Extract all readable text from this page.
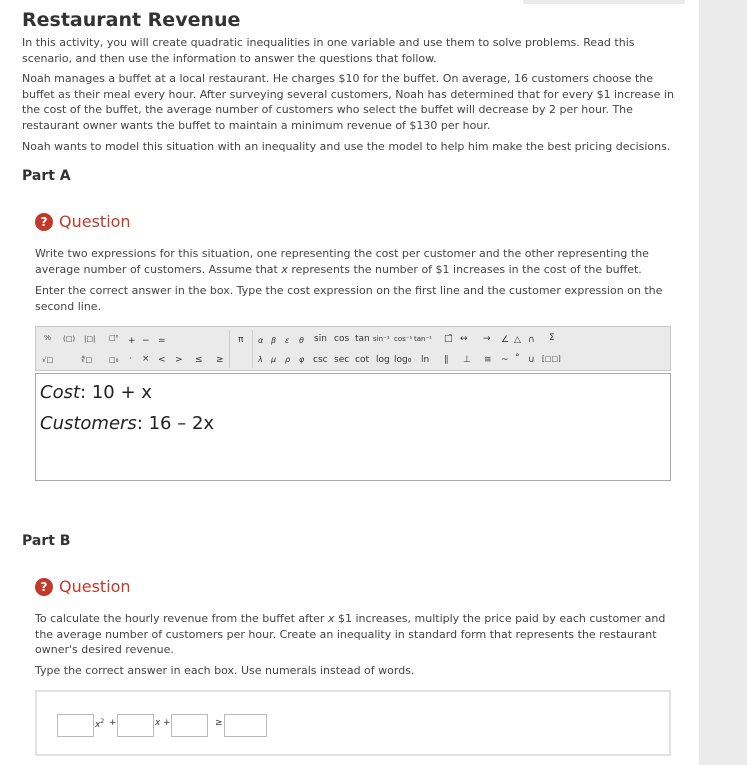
Restaurant Revenue

In this activity, you will create quadratic inequalities in one variable and use them to solve problems. Read this scenario, and then use the information to answer the questions that follow.

Noah manages a buffet at a local restaurant. He charges $10 for the buffet. On average, 16 customers choose the buffet as their meal every hour. After surveying several customers, Noah has determined that for every $1 increase in the cost of the buffet, the average number of customers who select the buffet will decrease by 2 per hour. The restaurant owner wants the buffet to maintain a minimum revenue of $130 per hour.

Noah wants to model this situation with an inequality and use the model to help him make the best pricing decisions.

Part A
? Question

Write two expressions for this situation, one representing the cost per customer and the other representing the average number of customers. Assume that x represents the number of $1 increases in the cost of the buffet.

Enter the correct answer in the box. Type the cost expression on the first line and the customer expression on the second line.

⁰⁄₀ (□) |□| □⁰ + − =	π α β ε θ sin cos tan sin⁻¹ cos⁻¹ tan⁻¹ □̄ ↔ → ∠ △ ∩ Σ
√□	∜□ □₀ · × < > ≤ ≥	λ μ ρ φ csc sec cot log log₀ ln ∥ ⊥ ≅ ~ ° ∪ [□□]
Cost: 10 + x
Customers: 16 – 2x
Part B
? Question

To calculate the hourly revenue from the buffet after x $1 increases, multiply the price paid by each customer and the average number of customers per hour. Create an inequality in standard form that represents the restaurant owner's desired revenue.

Type the correct answer in each box. Use numerals instead of words.

$x^2$ +	x +	≥
